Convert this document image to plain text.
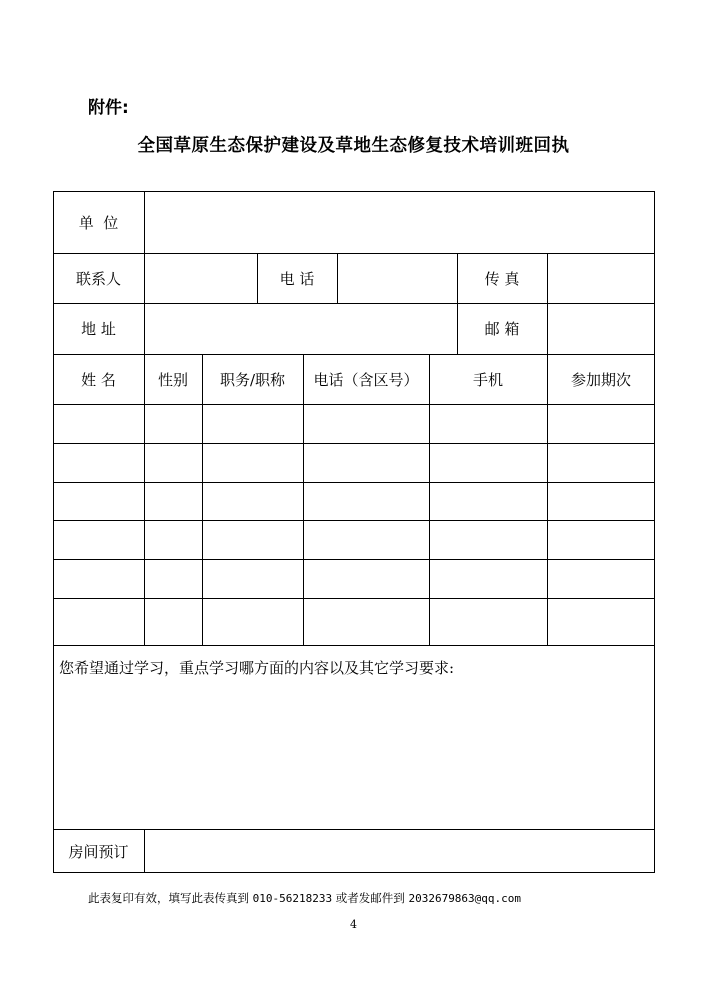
附件:
全国草原生态保护建设及草地生态修复技术培训班回执
单  位
联系人	电 话	传 真
地 址	邮 箱
姓 名	性别	职务/职称	电话（含区号）	手机	参加期次
您希望通过学习，重点学习哪方面的内容以及其它学习要求:
房间预订
此表复印有效，填写此表传真到 010-56218233 或者发邮件到 2032679863@qq.com
4
